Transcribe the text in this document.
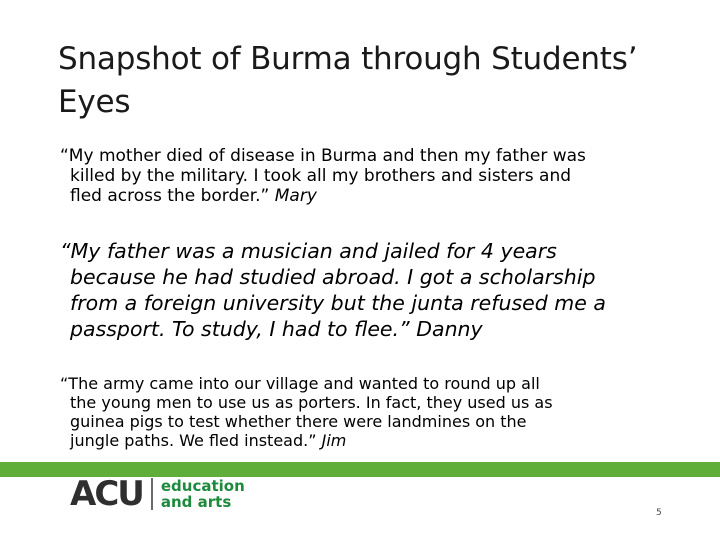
Snapshot of Burma through Students’
Eyes

“My mother died of disease in Burma and then my father was
killed by the military. I took all my brothers and sisters and
fled across the border.” Mary

“My father was a musician and jailed for 4 years
because he had studied abroad. I got a scholarship
from a foreign university but the junta refused me a
passport. To study, I had to flee.” Danny

“The army came into our village and wanted to round up all
the young men to use us as porters. In fact, they used us as
guinea pigs to test whether there were landmines on the
jungle paths. We fled instead.” Jim

ACU education
and arts
5
